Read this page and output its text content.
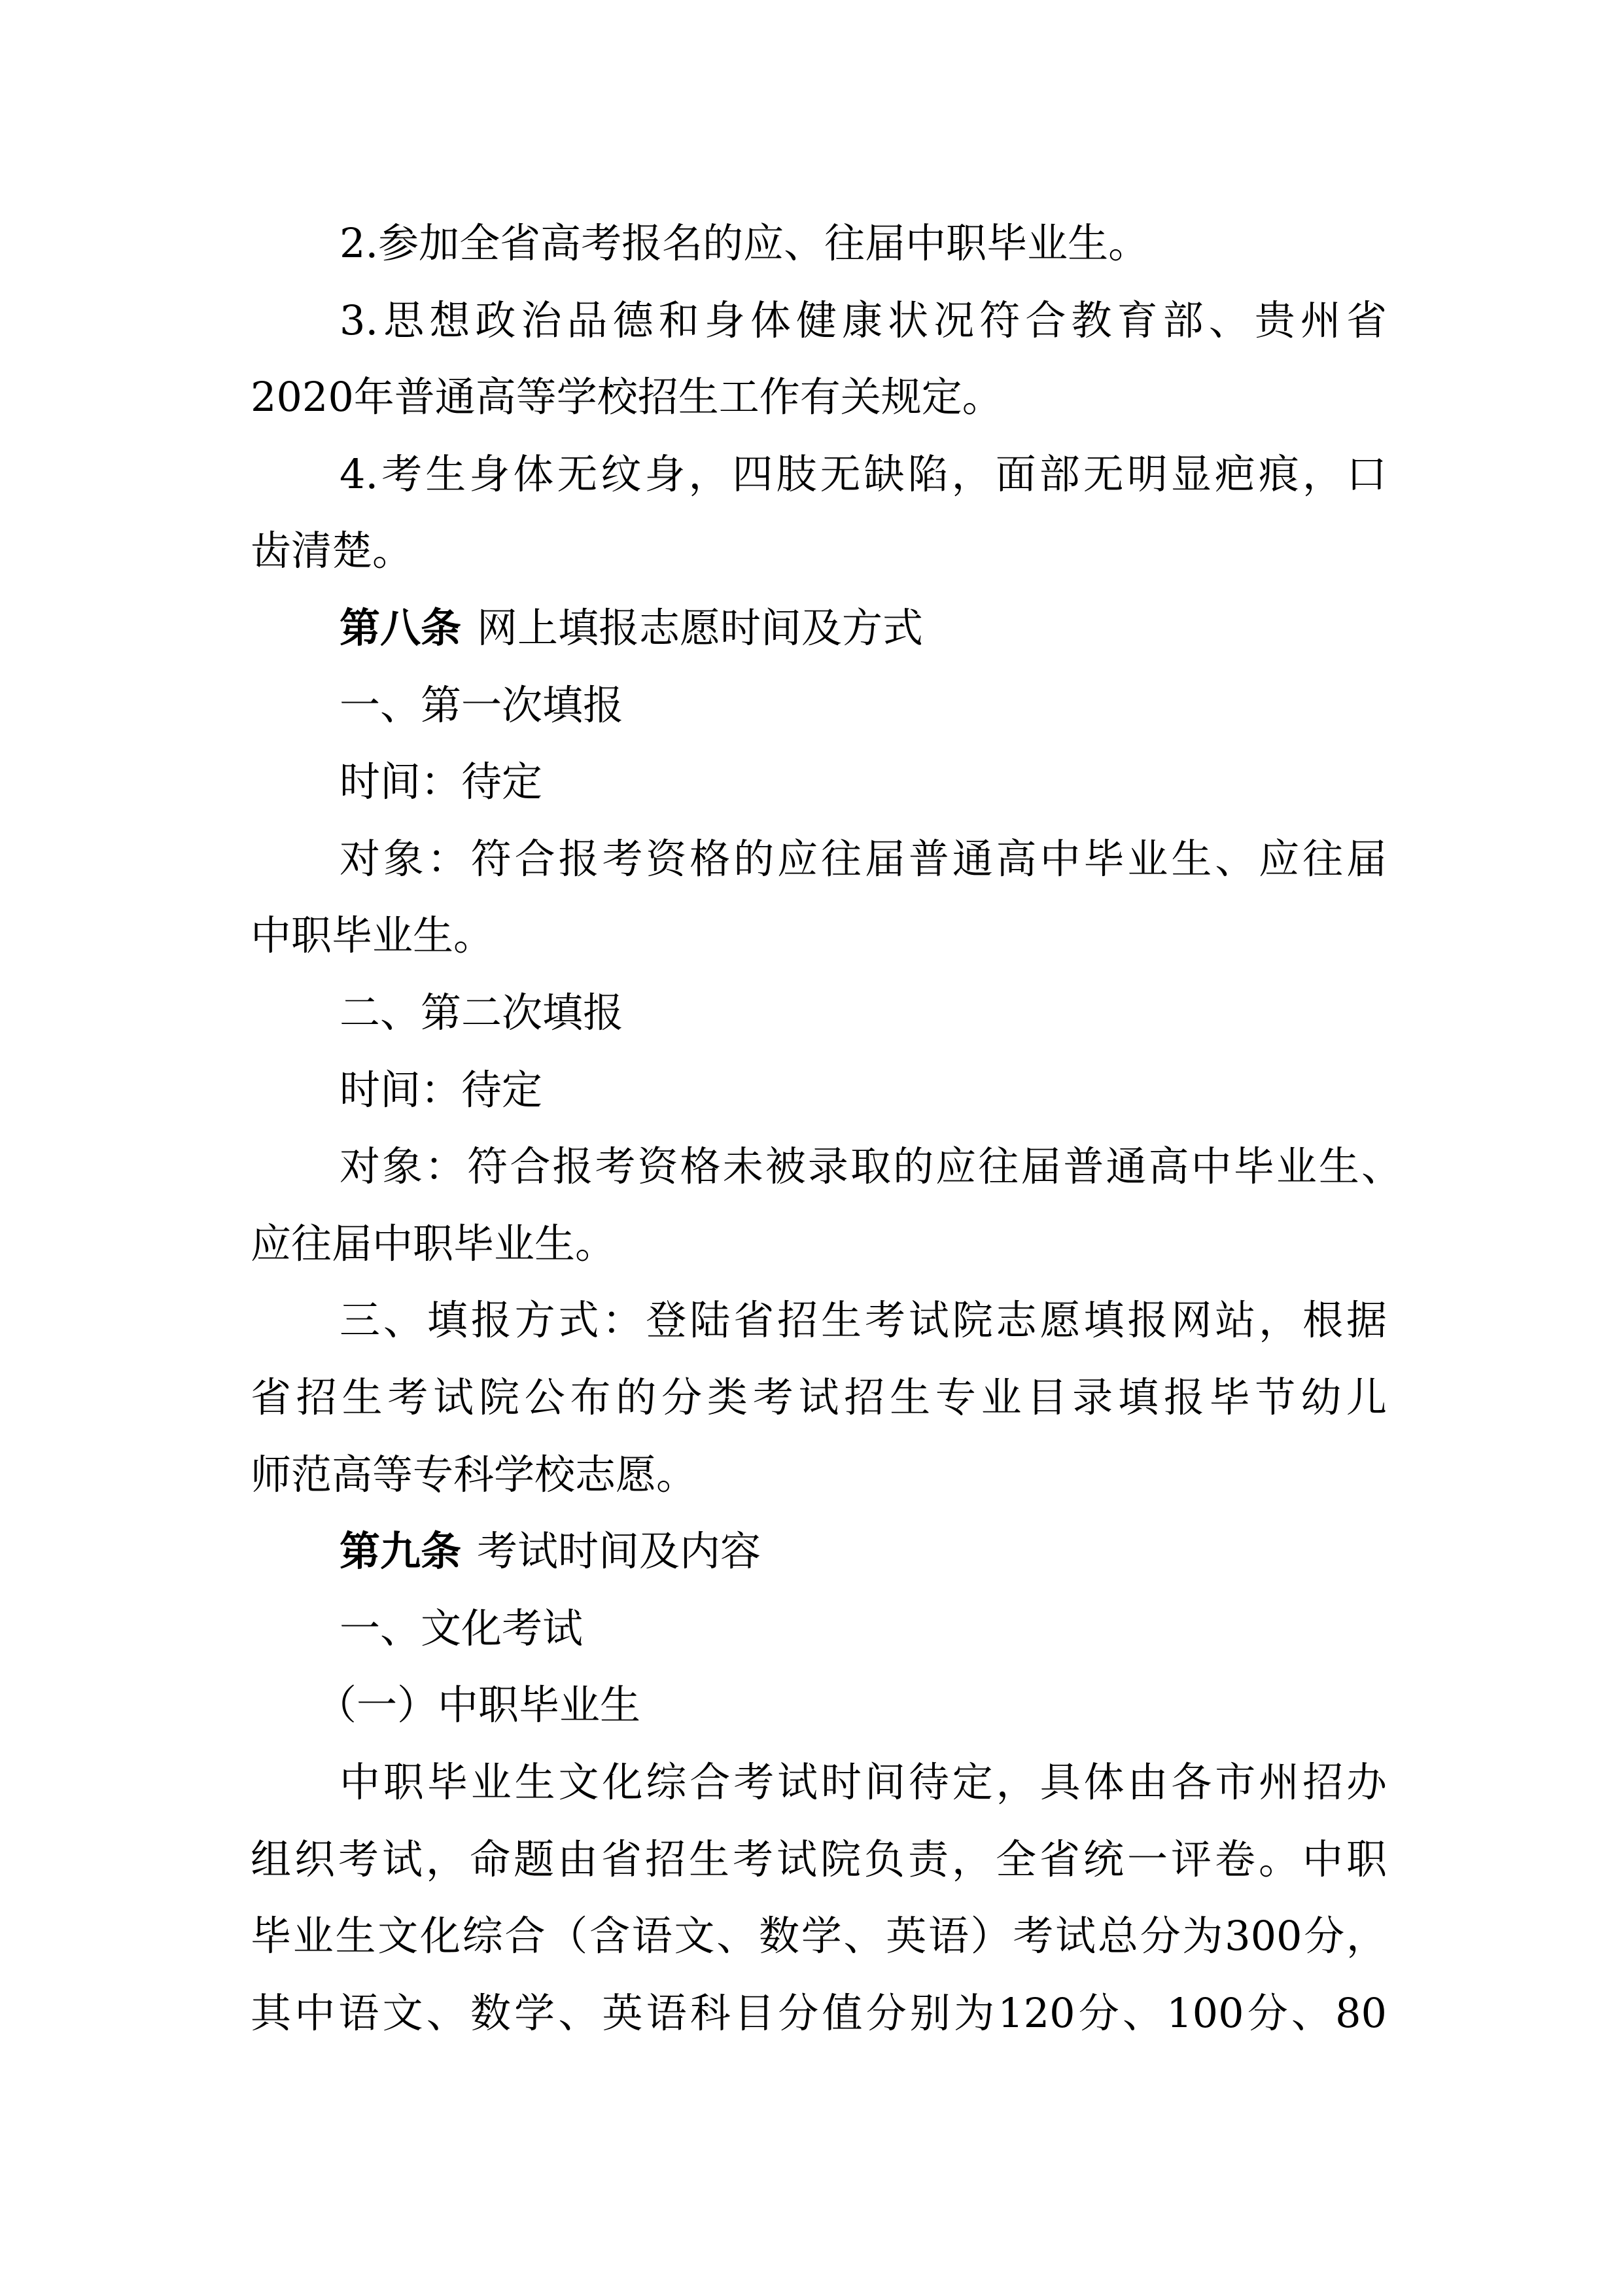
2.参加全省高考报名的应、往届中职毕业生。
3.思想政治品德和身体健康状况符合教育部、贵州省
2020年普通高等学校招生工作有关规定。
4.考生身体无纹身，四肢无缺陷，面部无明显疤痕，口
齿清楚。
第八条 网上填报志愿时间及方式
一、第一次填报
时间：待定
对象：符合报考资格的应往届普通高中毕业生、应往届
中职毕业生。
二、第二次填报
时间：待定
对象：符合报考资格未被录取的应往届普通高中毕业生、
应往届中职毕业生。
三、填报方式：登陆省招生考试院志愿填报网站，根据
省招生考试院公布的分类考试招生专业目录填报毕节幼儿
师范高等专科学校志愿。
第九条 考试时间及内容
一、文化考试
（一）中职毕业生
中职毕业生文化综合考试时间待定，具体由各市州招办
组织考试，命题由省招生考试院负责，全省统一评卷。中职
毕业生文化综合（含语文、数学、英语）考试总分为300分，
其中语文、数学、英语科目分值分别为120分、100分、80
